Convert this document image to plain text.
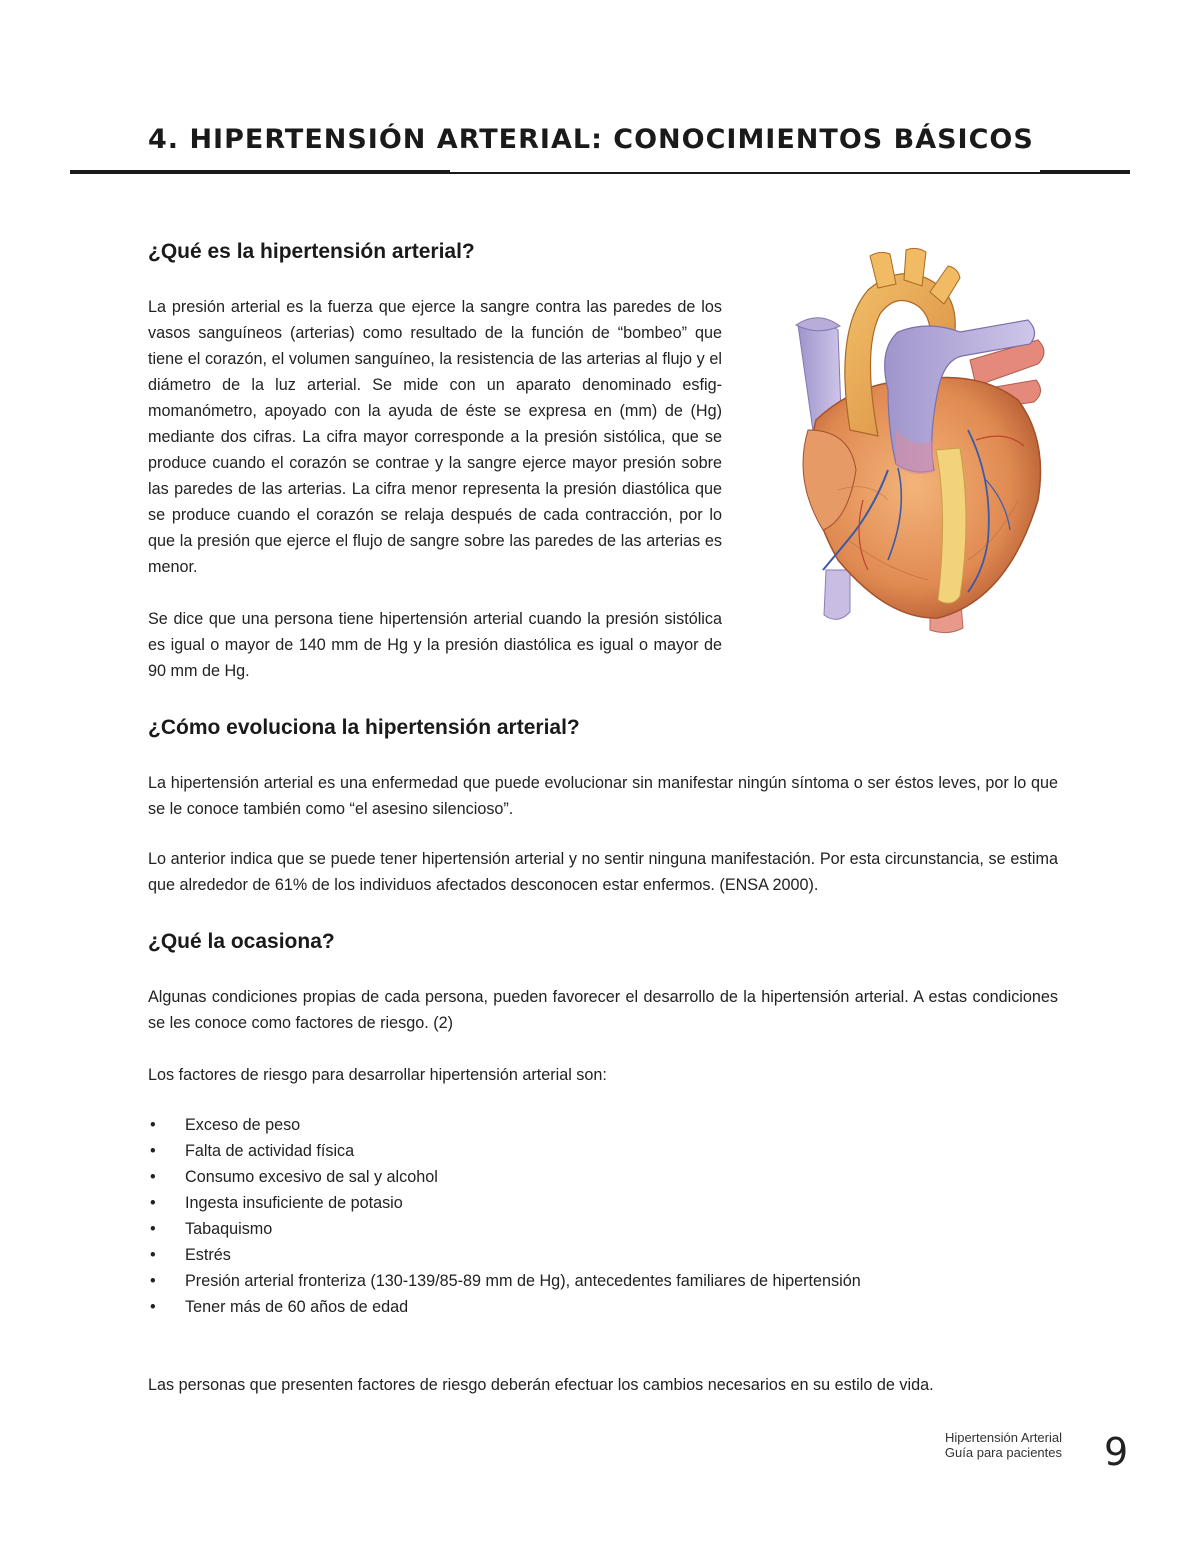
4. HIPERTENSIÓN ARTERIAL: CONOCIMIENTOS BÁSICOS
¿Qué es la hipertensión arterial?

La presión arterial es la fuerza que ejerce la sangre contra las paredes de los vasos sanguíneos (arterias) como resultado de la función de “bombeo” que tiene el corazón, el volumen sanguíneo, la resistencia de las arterias al flujo y el diámetro de la luz arterial. Se mide con un aparato denominado esfig-momanómetro, apoyado con la ayuda de éste se expresa en (mm) de (Hg) mediante dos cifras. La cifra mayor corresponde a la presión sistólica, que se produce cuando el corazón se contrae y la sangre ejerce mayor presión sobre las paredes de las arterias. La cifra menor representa la presión diastólica que se produce cuando el corazón se relaja después de cada contracción, por lo que la presión que ejerce el flujo de sangre sobre las paredes de las arterias es menor.

Se dice que una persona tiene hipertensión arterial cuando la presión sistólica es igual o mayor de 140 mm de Hg y la presión diastólica es igual o mayor de 90 mm de Hg.

¿Cómo evoluciona la hipertensión arterial?

La hipertensión arterial es una enfermedad que puede evolucionar sin manifestar ningún síntoma o ser éstos leves, por lo que se le conoce también como “el asesino silencioso”.

Lo anterior indica que se puede tener hipertensión arterial y no sentir ninguna manifestación. Por esta circunstancia, se estima que alrededor de 61% de los individuos afectados desconocen estar enfermos. (ENSA 2000).

¿Qué la ocasiona?

Algunas condiciones propias de cada persona, pueden favorecer el desarrollo de la hipertensión arterial. A estas condiciones se les conoce como factores de riesgo. (2)

Los factores de riesgo para desarrollar hipertensión arterial son:

• Exceso de peso
• Falta de actividad física
• Consumo excesivo de sal y alcohol
• Ingesta insuficiente de potasio
• Tabaquismo
• Estrés
• Presión arterial fronteriza (130-139/85-89 mm de Hg), antecedentes familiares de hipertensión
• Tener más de 60 años de edad

Las personas que presenten factores de riesgo deberán efectuar los cambios necesarios en su estilo de vida.

Hipertensión Arterial
Guía para pacientes 9
